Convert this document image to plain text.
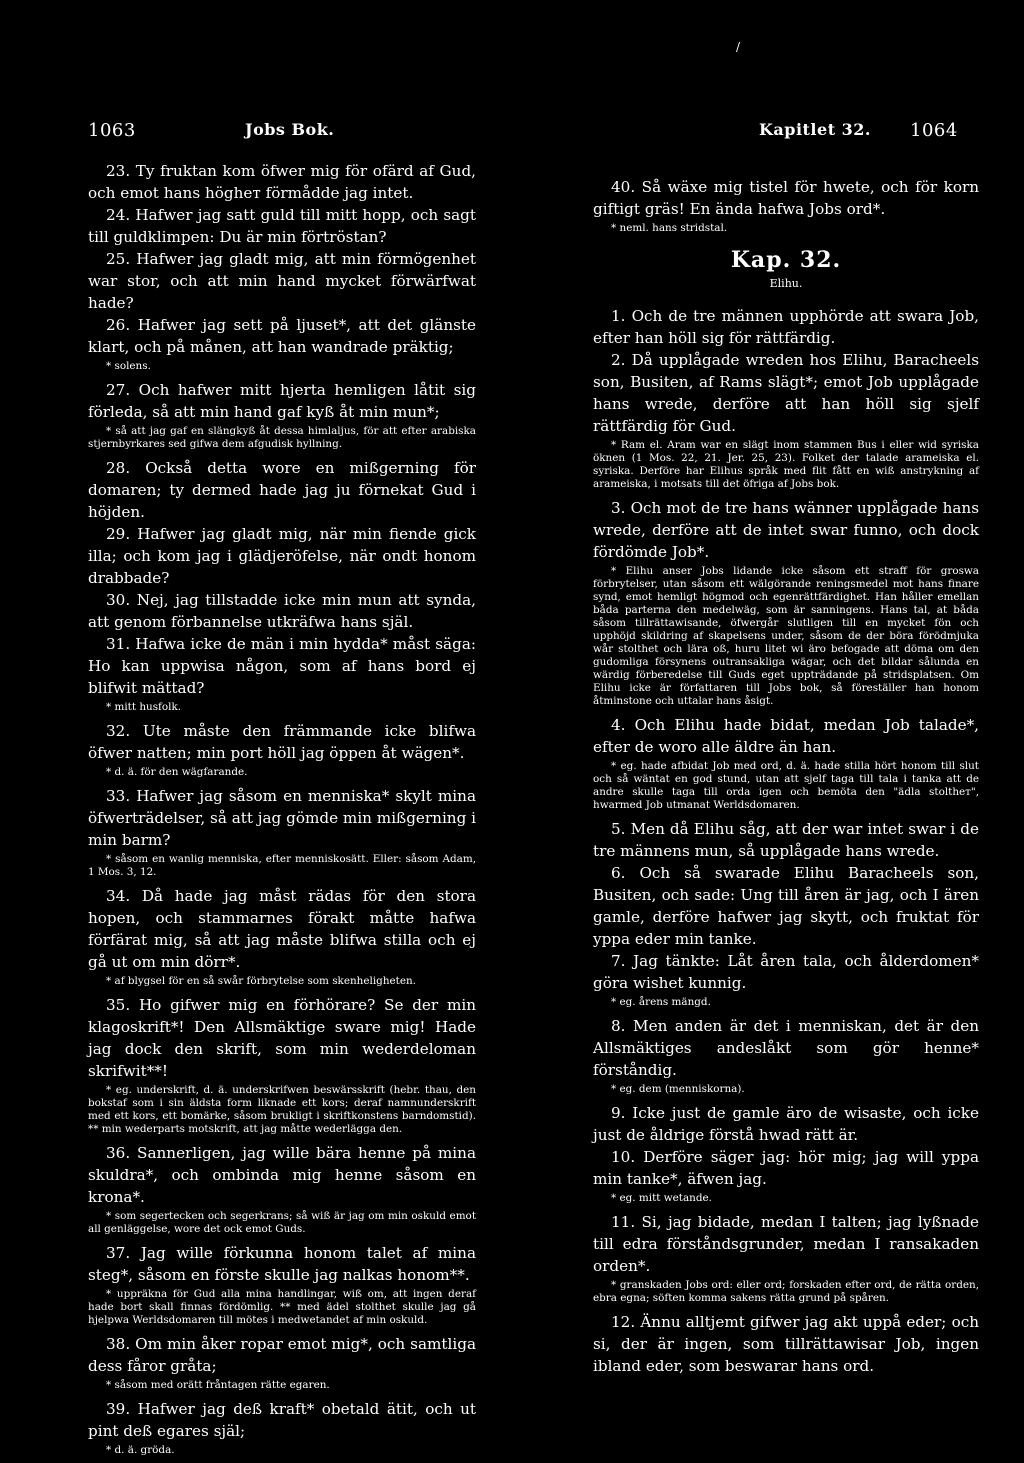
/
1063	Jobs Bok.	Kapitlet 32. 1064

23. Ty fruktan kom öfwer mig för ofärd af Gud, och emot hans högheт förmådde jag intet.

24. Hafwer jag satt guld till mitt hopp, och sagt till guldklimpen: Du är min förtröstan?

25. Hafwer jag gladt mig, att min förmögenhet war stor, och att min hand myсket förwärfwat hade?

26. Hafwer jag sett på ljuset*, att det glänste klart, och på månen, att han wandrade präktig;

* solens.

27. Och hafwer mitt hjerta hemligen låtit sig förleda, så att min hand gaf kyß åt min mun*;

* så att jag gaf en slängkyß åt dessa himlaljus, för att efter arabiska stjernbyrkares sed gifwa dem afgudisk hyllning.

28. Också detta wore en mißgerning för domaren; ty dermed hade jag ju förnekat Gud i höjden.

29. Hafwer jag gladt mig, när min fiende gick illa; och kom jag i glädjeröfelse, när ondt honom drabbade?

30. Nej, jag tillstadde icke min mun att synda, att genom förbannelse utkräfwa hans själ.

31. Hafwa icke de män i min hydda* måst säga: Ho kan uppwisa någon, som af hans bord ej blifwit mättad?

* mitt husfolk.

32. Ute måste den främmande icke blifwa öfwer natten; min port höll jag öppen åt wägen*.

* d. ä. för den wägfarande.

33. Hafwer jag såsom en menniska* skylt mina öfwerträdelser, så att jag gömde min mißgerning i min barm?

* såsom en wanlig menniska, efter menniskosätt. Eller: såsom Adam, 1 Mos. 3, 12.

34. Då hade jag måst rädas för den stora hopen, och stammarnes förakt måtte hafwa förfärat mig, så att jag måste blifwa stilla och ej gå ut om min dörr*.

* af blygsel för en så swår förbrytelse som skenheligheten.

35. Ho gifwer mig en förhörare? Se der min klagoskrift*! Den Allsmäktige sware mig! Hade jag dock den skrift, som min wederdeloman skrifwit**!

* eg. underskrift, d. ä. underskrifwen beswärsskrift (hebr. thau, den bokstaf som i sin äldsta form liknade ett kors; deraf namnunderskrift med ett kors, ett bomärke, såsom brukligt i skriftkonstens barndomstid). ** min wederparts motskrift, att jag måtte wederlägga den.

36. Sannerligen, jag wille bära henne på mina skuldra*, och ombinda mig henne såsom en krona*.

* som segerteсken och segerkrans; så wiß är jag om min oskuld emot all genläggelse, wore det ock emot Guds.

37. Jag wille förkunna honom talet af mina steg*, såsom en förste skulle jag nalkas honom**.

* uppräkna för Gud alla mina handlingar, wiß om, att ingen deraf hade bort skall finnas fördömlig. ** med ädel stolthet skulle jag gå hjelpwa Werldsdomaren till mötes i medwetandet af min oskuld.

38. Om min åker ropar emot mig*, och samtliga dess fåror gråta;

* såsom med orätt fråntagen rätte egaren.

39. Hafwer jag deß kraft* obetald ätit, och ut pint deß egares själ;

* d. ä. gröda.

40. Så wäxe mig tistel för hwete, och för korn giftigt gräs! En ända hafwa Jobs ord*.

* neml. hans stridstal.

Kap. 32.
Elihu.

1. Och de tre männen upphörde att swara Job, efter han höll sig för rättfärdig.

2. Då upplågade wreden hos Elihu, Baracheels son, Busiten, af Rams slägt*; emot Job upplågade hans wrede, derföre att han höll sig sjelf rättfärdig för Gud.

* Ram el. Aram war en slägt inom stammen Bus i eller wid syriska öknen (1 Mos. 22, 21. Jer. 25, 23). Folket der talade arameiska el. syriska. Derföre har Elihus språk med flit fått en wiß anstrykning af arameiska, i motsats till det öfriga af Jobs bok.

3. Och mot de tre hans wänner upplågade hans wrede, derföre att de intet swar funno, och dock fördömde Job*.

* Elihu anser Jobs lidande icke såsom ett straff för groswa förbrytelser, utan såsom ett wälgörande reningsmedel mot hans finare synd, emot hemligt högmod och egenrättfärdighet. Han håller emellan båda parterna den medelwäg, som är sanningens. Hans tal, at båda såsom tillrättawisande, öfwergår slutligen till en mycket fön och upphöjd skildring af skapelsens under, såsom de der böra förödmjuka wår stolthet och lära oß, huru litet wi äro befogade att döma om den gudomliga försynens outransakliga wägar, och det bildar sålunda en wärdig förberedelse till Guds eget uppträdande på stridsplatsen. Om Elihu icke är författaren till Jobs bok, så föreställer han honom åtminstone och uttalar hans åsigt.

4. Och Elihu hade bidat, medan Job talade*, efter de woro alle äldre än han.

* eg. hade afbidat Job med ord, d. ä. hade stilla hört honom till slut och så wäntat en god stund, utan att sjelf taga till tala i tanka att de andre skulle taga till orda igen och bemöta den "ädla stoltheт", hwarmed Job utmanat Werldsdomaren.

5. Men då Elihu såg, att der war intet swar i de tre männens mun, så upplågade hans wrede.

6. Och så swarade Elihu Baracheels son, Busiten, och sade: Ung till åren är jag, och I ären gamle, derföre hafwer jag skytt, och fruktat för yppa eder min tanke.

7. Jag tänkte: Låt åren tala, och ålderdomen* göra wishet kunnig.

* eg. årens mängd.

8. Men anden är det i menniskan, det är den Allsmäktiges andeslåkt som gör henne* förståndig.

* eg. dem (menniskorna).

9. Icke just de gamle äro de wisaste, och icke just de åldrige förstå hwad rätt är.

10. Derföre säger jag: hör mig; jag will yppa min tanke*, äfwen jag.

* eg. mitt wetande.

11. Si, jag bidade, medan I talten; jag lyßnade till edra förståndsgrunder, medan I ransakaden orden*.

* granskaden Jobs ord: eller ord; forskaden efter ord, de rätta orden, ebra egna; söften komma sakens rätta grund på spåren.

12. Ännu alltjemt gifwer jag akt uppå eder; och si, der är ingen, som tillrättawisar Job, ingen ibland eder, som beswarar hans ord.
